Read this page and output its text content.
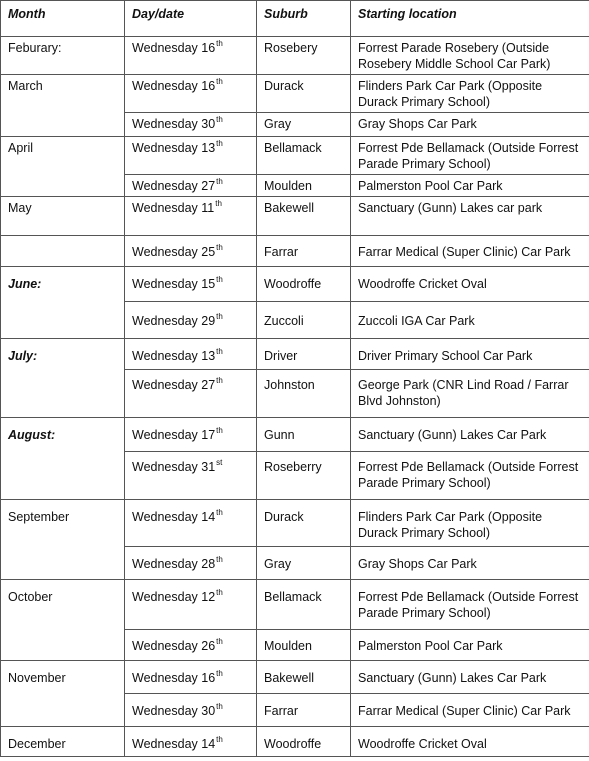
Month	Day/date	Suburb	Starting location
Feburary:	Wednesday 16th	Rosebery	Forrest Parade Rosebery (Outside Rosebery Middle School Car Park)
March	Wednesday 16th	Durack	Flinders Park Car Park (Opposite Durack Primary School)
	Wednesday 30th	Gray	Gray Shops Car Park
April	Wednesday 13th	Bellamack	Forrest Pde Bellamack (Outside Forrest Parade Primary School)
	Wednesday 27th	Moulden	Palmerston Pool Car Park
May	Wednesday 11th	Bakewell	Sanctuary (Gunn) Lakes car park
	Wednesday 25th	Farrar	Farrar Medical (Super Clinic) Car Park
June:	Wednesday 15th	Woodroffe	Woodroffe Cricket Oval
	Wednesday 29th	Zuccoli	Zuccoli IGA Car Park
July:	Wednesday 13th	Driver	Driver Primary School Car Park
	Wednesday 27th	Johnston	George Park (CNR Lind Road / Farrar Blvd Johnston)
August:	Wednesday 17th	Gunn	Sanctuary (Gunn) Lakes Car Park
	Wednesday 31st	Roseberry	Forrest Pde Bellamack (Outside Forrest Parade Primary School)
September	Wednesday 14th	Durack	Flinders Park Car Park (Opposite Durack Primary School)
	Wednesday 28th	Gray	Gray Shops Car Park
October	Wednesday 12th	Bellamack	Forrest Pde Bellamack (Outside Forrest Parade Primary School)
	Wednesday 26th	Moulden	Palmerston Pool Car Park
November	Wednesday 16th	Bakewell	Sanctuary (Gunn) Lakes Car Park
	Wednesday 30th	Farrar	Farrar Medical (Super Clinic) Car Park
December	Wednesday 14th	Woodroffe	Woodroffe Cricket Oval
